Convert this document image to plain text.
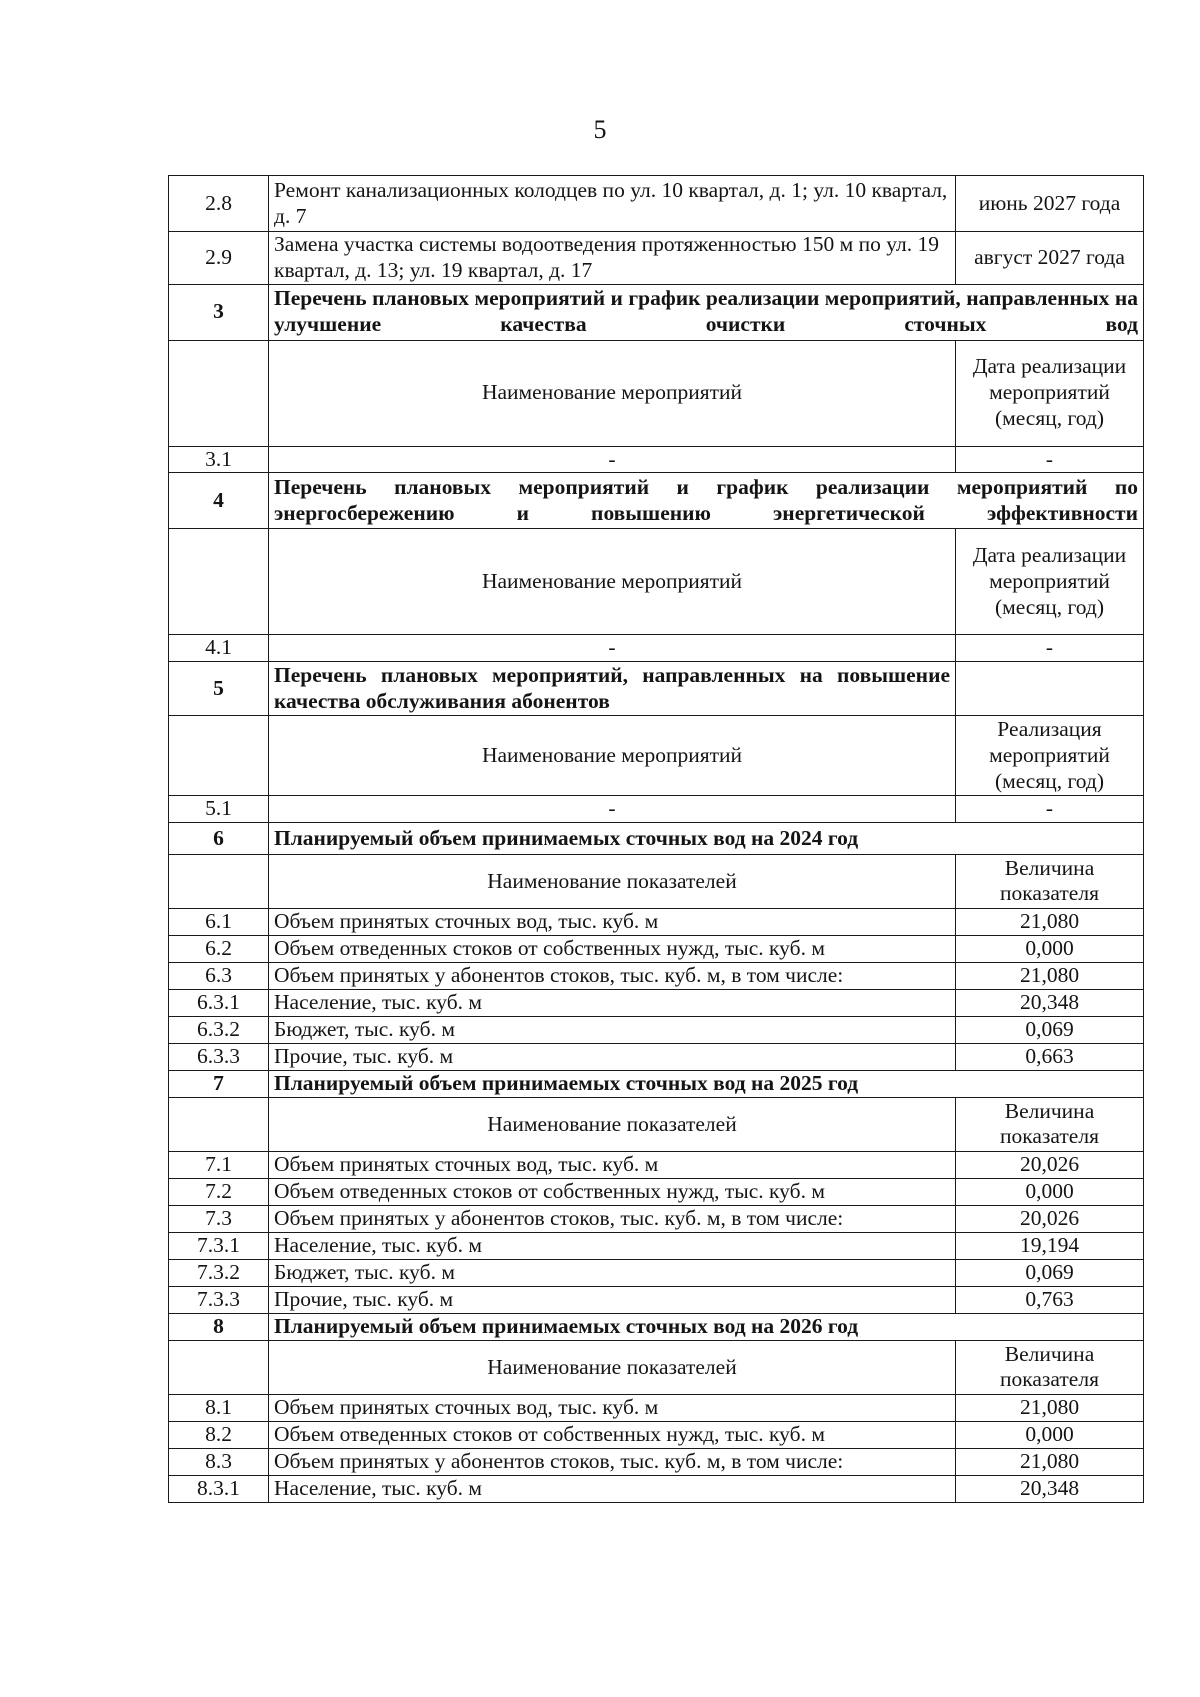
5
2.8	Ремонт канализационных колодцев по ул. 10 квартал, д. 1; ул. 10 квартал, д. 7	июнь 2027 года
2.9	Замена участка системы водоотведения протяженностью 150 м по ул. 19 квартал, д. 13; ул. 19 квартал, д. 17	август 2027 года
3	Перечень плановых мероприятий и график реализации мероприятий, направленных на улучшение качества очистки сточных вод	
	Наименование мероприятий	Дата реализации мероприятий (месяц, год)
3.1	-	-
4	Перечень плановых мероприятий и график реализации мероприятий по энергосбережению и повышению энергетической эффективности	
	Наименование мероприятий	Дата реализации мероприятий (месяц, год)
4.1	-	-
5	Перечень плановых мероприятий, направленных на повышение качества обслуживания абонентов	
	Наименование мероприятий	Реализация мероприятий (месяц, год)
5.1	-	-
6	Планируемый объем принимаемых сточных вод на 2024 год	
	Наименование показателей	Величина показателя
6.1	Объем принятых сточных вод, тыс. куб. м	21,080
6.2	Объем отведенных стоков от собственных нужд, тыс. куб. м	0,000
6.3	Объем принятых у абонентов стоков, тыс. куб. м, в том числе:	21,080
6.3.1	Население, тыс. куб. м	20,348
6.3.2	Бюджет, тыс. куб. м	0,069
6.3.3	Прочие, тыс. куб. м	0,663
7	Планируемый объем принимаемых сточных вод на 2025 год	
	Наименование показателей	Величина показателя
7.1	Объем принятых сточных вод, тыс. куб. м	20,026
7.2	Объем отведенных стоков от собственных нужд, тыс. куб. м	0,000
7.3	Объем принятых у абонентов стоков, тыс. куб. м, в том числе:	20,026
7.3.1	Население, тыс. куб. м	19,194
7.3.2	Бюджет, тыс. куб. м	0,069
7.3.3	Прочие, тыс. куб. м	0,763
8	Планируемый объем принимаемых сточных вод на 2026 год	
	Наименование показателей	Величина показателя
8.1	Объем принятых сточных вод, тыс. куб. м	21,080
8.2	Объем отведенных стоков от собственных нужд, тыс. куб. м	0,000
8.3	Объем принятых у абонентов стоков, тыс. куб. м, в том числе:	21,080
8.3.1	Население, тыс. куб. м	20,348
